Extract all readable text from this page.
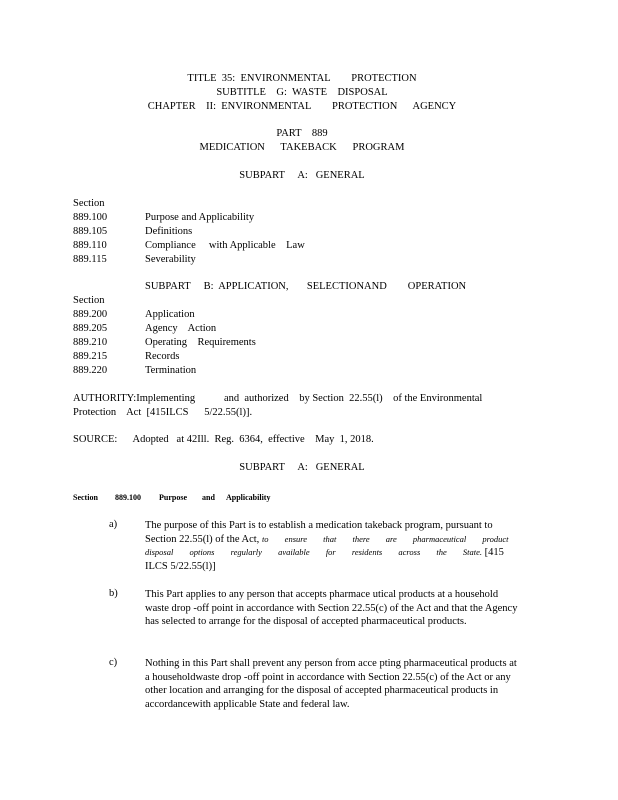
TITLE  35:  ENVIRONMENTAL        PROTECTION
SUBTITLE    G:  WASTE    DISPOSAL
CHAPTER    II:  ENVIRONMENTAL        PROTECTION      AGENCY
PART    889
MEDICATION      TAKEBACK      PROGRAM
SUBPART     A:   GENERAL
Section
889.100	Purpose and Applicability
889.105	Definitions
889.110	Compliance     with Applicable    Law
889.115	Severability
SUBPART     B:  APPLICATION,       SELECTIONAND        OPERATION
Section
889.200	Application
889.205	Agency    Action
889.210	Operating    Requirements
889.215	Records
889.220	Termination
AUTHORITY:Implementing           and  authorized    by Section  22.55(l)    of the Environmental
Protection    Act  [415ILCS      5/22.55(l)].
SOURCE:      Adopted   at 42Ill.  Reg.  6364,  effective    May  1, 2018.
SUBPART     A:   GENERAL
Section 889.100 Purpose and Applicability
a)	The purpose of this Part is to establish a medication takeback program, pursuant to Section 22.55(l) of the Act, to ensure that there are pharmaceutical product disposal options regularly available for residents across the State. [415 ILCS 5/22.55(l)]
b)	This Part applies to any person that accepts pharmace utical products at a household waste drop -off point in accordance with Section 22.55(c) of the Act and that the Agency has selected to arrange for the disposal of accepted pharmaceutical products.
c)	Nothing in this Part shall prevent any person from acce pting pharmaceutical products at a householdwaste drop -off point in accordance with Section 22.55(c) of the Act or any other location and arranging for the disposal of accepted pharmaceutical products in accordancewith applicable State and federal law.
